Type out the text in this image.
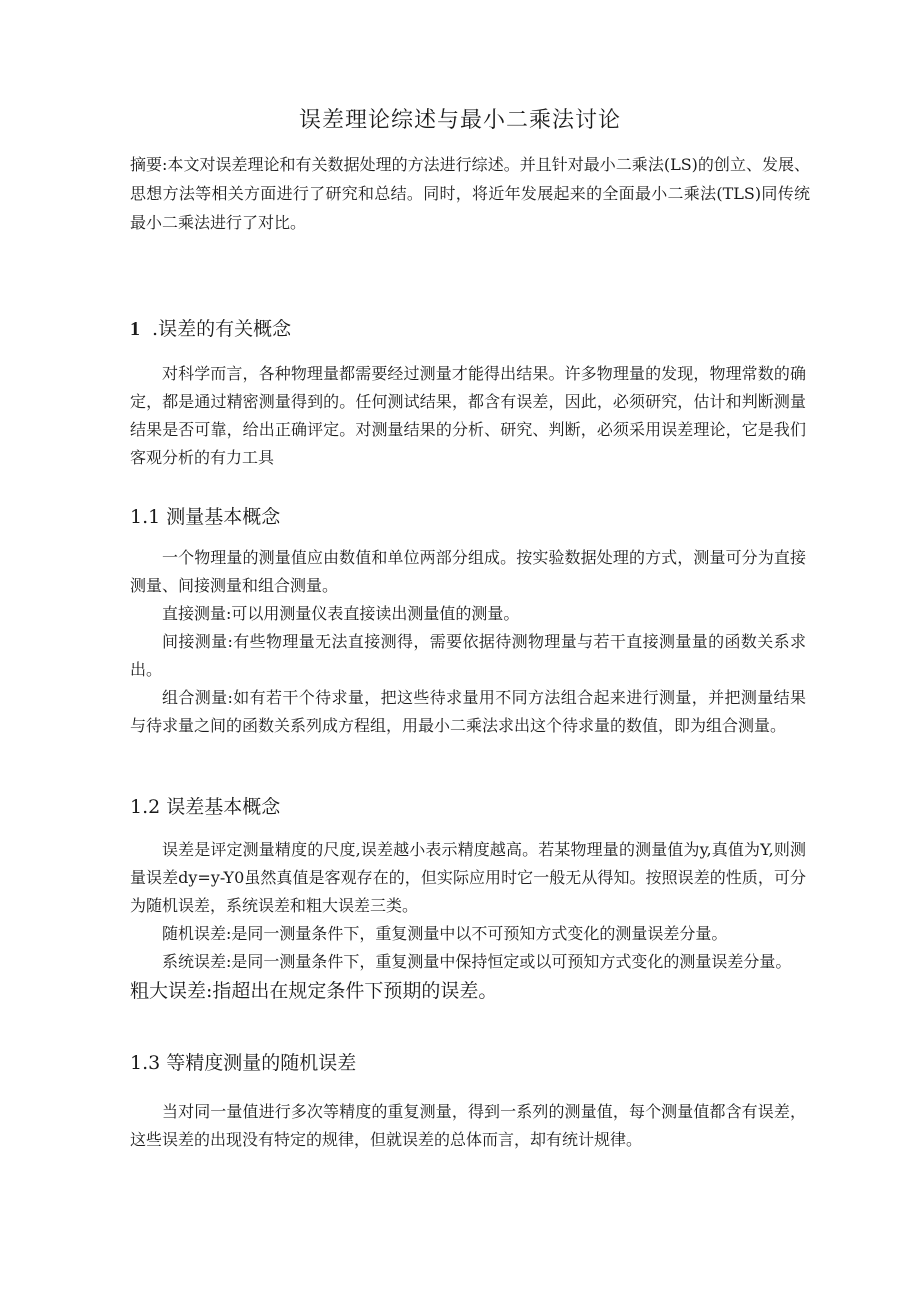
误差理论综述与最小二乘法讨论
摘要:本文对误差理论和有关数据处理的方法进行综述。并且针对最小二乘法(LS)的创立、发展、思想方法等相关方面进行了研究和总结。同时，将近年发展起来的全面最小二乘法(TLS)同传统最小二乘法进行了对比。
1 .误差的有关概念

对科学而言，各种物理量都需要经过测量才能得出结果。许多物理量的发现，物理常数的确定，都是通过精密测量得到的。任何测试结果，都含有误差，因此，必须研究，估计和判断测量结果是否可靠，给出正确评定。对测量结果的分析、研究、判断，必须采用误差理论，它是我们客观分析的有力工具

1.1 测量基本概念

一个物理量的测量值应由数值和单位两部分组成。按实验数据处理的方式，测量可分为直接测量、间接测量和组合测量。

直接测量:可以用测量仪表直接读出测量值的测量。

间接测量:有些物理量无法直接测得，需要依据待测物理量与若干直接测量量的函数关系求出。

组合测量:如有若干个待求量，把这些待求量用不同方法组合起来进行测量，并把测量结果与待求量之间的函数关系列成方程组，用最小二乘法求出这个待求量的数值，即为组合测量。

1.2 误差基本概念

误差是评定测量精度的尺度,误差越小表示精度越高。若某物理量的测量值为y,真值为Y,则测量误差dy=y-Y0虽然真值是客观存在的，但实际应用时它一般无从得知。按照误差的性质，可分为随机误差，系统误差和粗大误差三类。

随机误差:是同一测量条件下，重复测量中以不可预知方式变化的测量误差分量。

系统误差:是同一测量条件下，重复测量中保持恒定或以可预知方式变化的测量误差分量。

粗大误差:指超出在规定条件下预期的误差。

1.3 等精度测量的随机误差

当对同一量值进行多次等精度的重复测量，得到一系列的测量值，每个测量值都含有误差，这些误差的出现没有特定的规律，但就误差的总体而言，却有统计规律。
